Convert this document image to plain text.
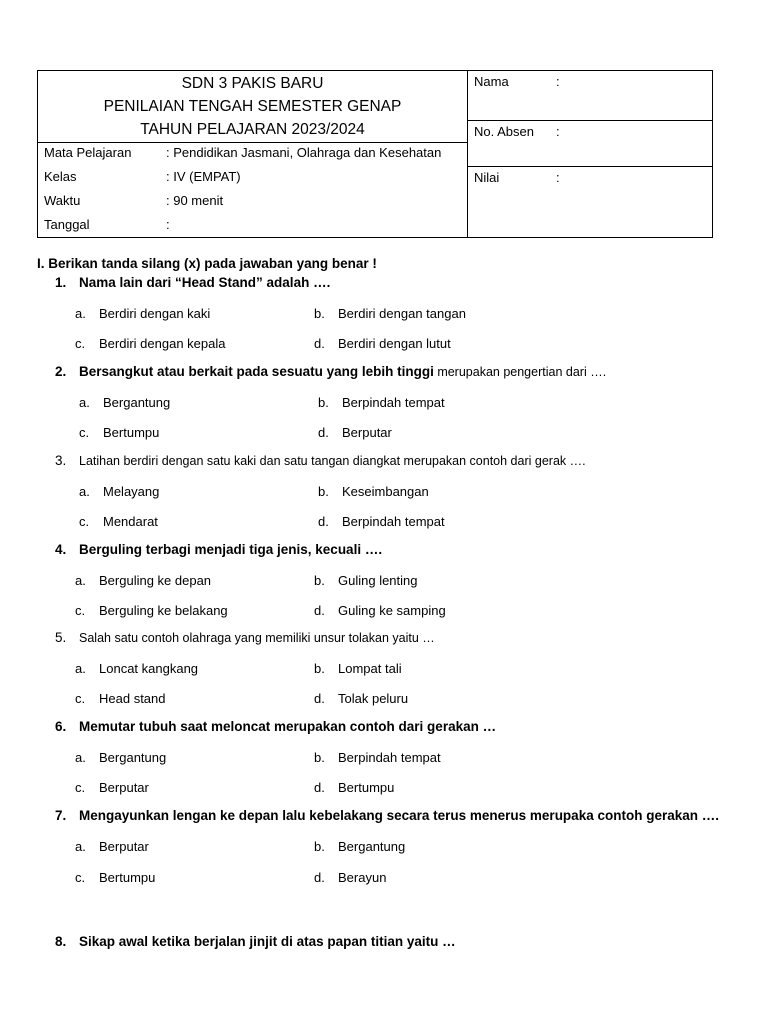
SDN 3 PAKIS BARU
PENILAIAN TENGAH SEMESTER GENAP
TAHUN PELAJARAN 2023/2024
Mata Pelajaran	: Pendidikan Jasmani, Olahraga dan Kesehatan
Kelas	: IV (EMPAT)
Waktu	: 90 menit
Tanggal	:
Nama	:
No. Absen :
Nilai	:
I. Berikan tanda silang (x) pada jawaban yang benar !
1. Nama lain dari “Head Stand” adalah ….
a. Berdiri dengan kaki	b. Berdiri dengan tangan
c. Berdiri dengan kepala	d. Berdiri dengan lutut
2. Bersangkut atau berkait pada sesuatu yang lebih tinggi merupakan pengertian dari ….
a. Bergantung	b. Berpindah tempat
c. Bertumpu	d. Berputar
3. Latihan berdiri dengan satu kaki dan satu tangan diangkat merupakan contoh dari gerak ….
a. Melayang	b. Keseimbangan
c. Mendarat	d. Berpindah tempat
4. Berguling terbagi menjadi tiga jenis, kecuali ….
a. Berguling ke depan	b. Guling lenting
c. Berguling ke belakang	d. Guling ke samping
5. Salah satu contoh olahraga yang memiliki unsur tolakan yaitu …
a. Loncat kangkang	b. Lompat tali
c. Head stand	d. Tolak peluru
6. Memutar tubuh saat meloncat merupakan contoh dari gerakan …
a. Bergantung	b. Berpindah tempat
c. Berputar	d. Bertumpu
7. Mengayunkan lengan ke depan lalu kebelakang secara terus menerus merupaka contoh gerakan ….
a. Berputar	b. Bergantung
c. Bertumpu	d. Berayun
8. Sikap awal ketika berjalan jinjit di atas papan titian yaitu …
